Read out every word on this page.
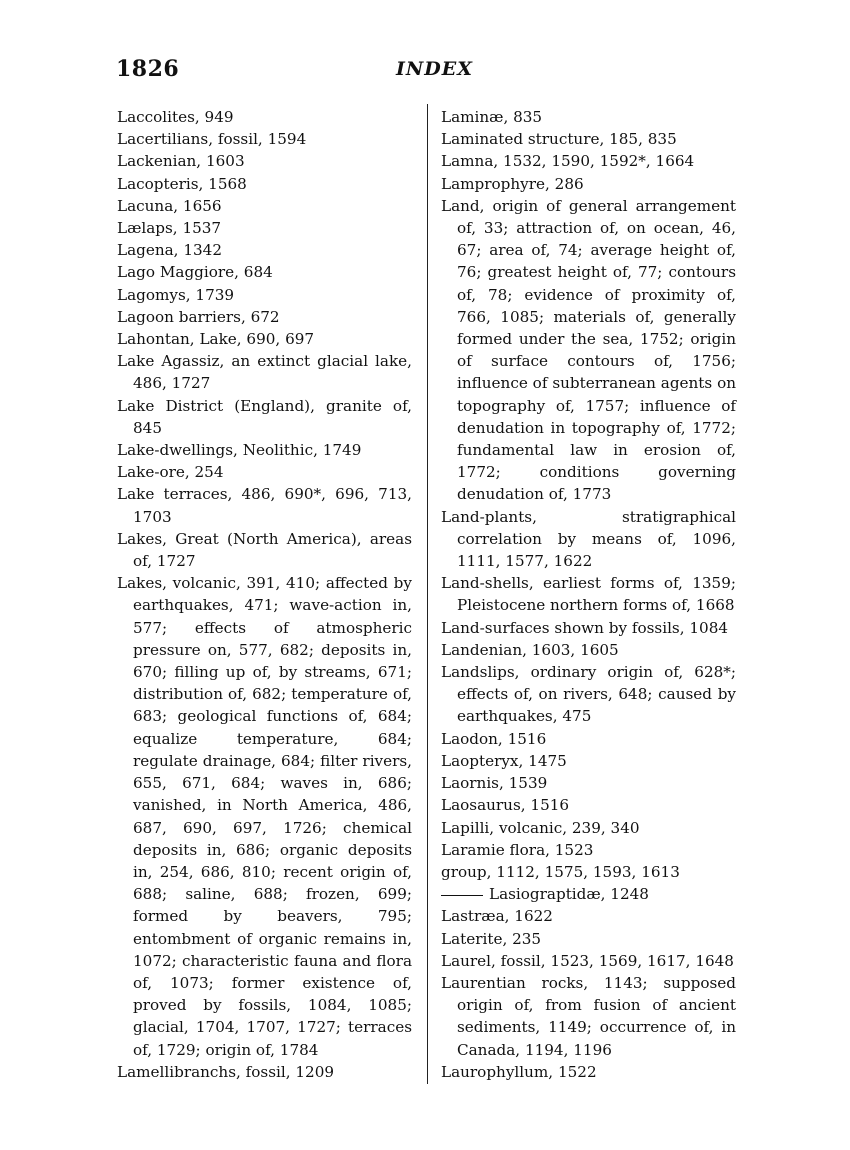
1826	INDEX
Laccolites, 949
Lacertilians, fossil, 1594
Lackenian, 1603
Lacopteris, 1568
Lacuna, 1656
Lælaps, 1537
Lagena, 1342
Lago Maggiore, 684
Lagomys, 1739
Lagoon barriers, 672
Lahontan, Lake, 690, 697
Lake Agassiz, an extinct glacial lake, 486, 1727
Lake District (England), granite of, 845
Lake-dwellings, Neolithic, 1749
Lake-ore, 254
Lake terraces, 486, 690*, 696, 713, 1703
Lakes, Great (North America), areas of, 1727
Lakes, volcanic, 391, 410; affected by earthquakes, 471; wave-action in, 577; effects of atmospheric pressure on, 577, 682; deposits in, 670; filling up of, by streams, 671; distribution of, 682; temperature of, 683; geological functions of, 684; equalize temperature, 684; regulate drainage, 684; filter rivers, 655, 671, 684; waves in, 686; vanished, in North America, 486, 687, 690, 697, 1726; chemical deposits in, 686; organic deposits in, 254, 686, 810; recent origin of, 688; saline, 688; frozen, 699; formed by beavers, 795; entombment of organic remains in, 1072; characteristic fauna and flora of, 1073; former existence of, proved by fossils, 1084, 1085; glacial, 1704, 1707, 1727; terraces of, 1729; origin of, 1784
Lamellibranchs, fossil, 1209
Laminæ, 835
Laminated structure, 185, 835
Lamna, 1532, 1590, 1592*, 1664
Lamprophyre, 286
Land, origin of general arrangement of, 33; attraction of, on ocean, 46, 67; area of, 74; average height of, 76; greatest height of, 77; contours of, 78; evidence of proximity of, 766, 1085; materials of, generally formed under the sea, 1752; origin of surface contours of, 1756; influence of subterranean agents on topography of, 1757; influence of denudation in topography of, 1772; fundamental law in erosion of, 1772; conditions governing denudation of, 1773
Land-plants, stratigraphical correlation by means of, 1096, 1111, 1577, 1622
Land-shells, earliest forms of, 1359; Pleistocene northern forms of, 1668
Land-surfaces shown by fossils, 1084
Landenian, 1603, 1605
Landslips, ordinary origin of, 628*; effects of, on rivers, 648; caused by earthquakes, 475
Laodon, 1516
Laopteryx, 1475
Laornis, 1539
Laosaurus, 1516
Lapilli, volcanic, 239, 340
Laramie flora, 1523
group, 1112, 1575, 1593, 1613
Lasiograptidæ, 1248
Lastræa, 1622
Laterite, 235
Laurel, fossil, 1523, 1569, 1617, 1648
Laurentian rocks, 1143; supposed origin of, from fusion of ancient sediments, 1149; occurrence of, in Canada, 1194, 1196
Laurophyllum, 1522
